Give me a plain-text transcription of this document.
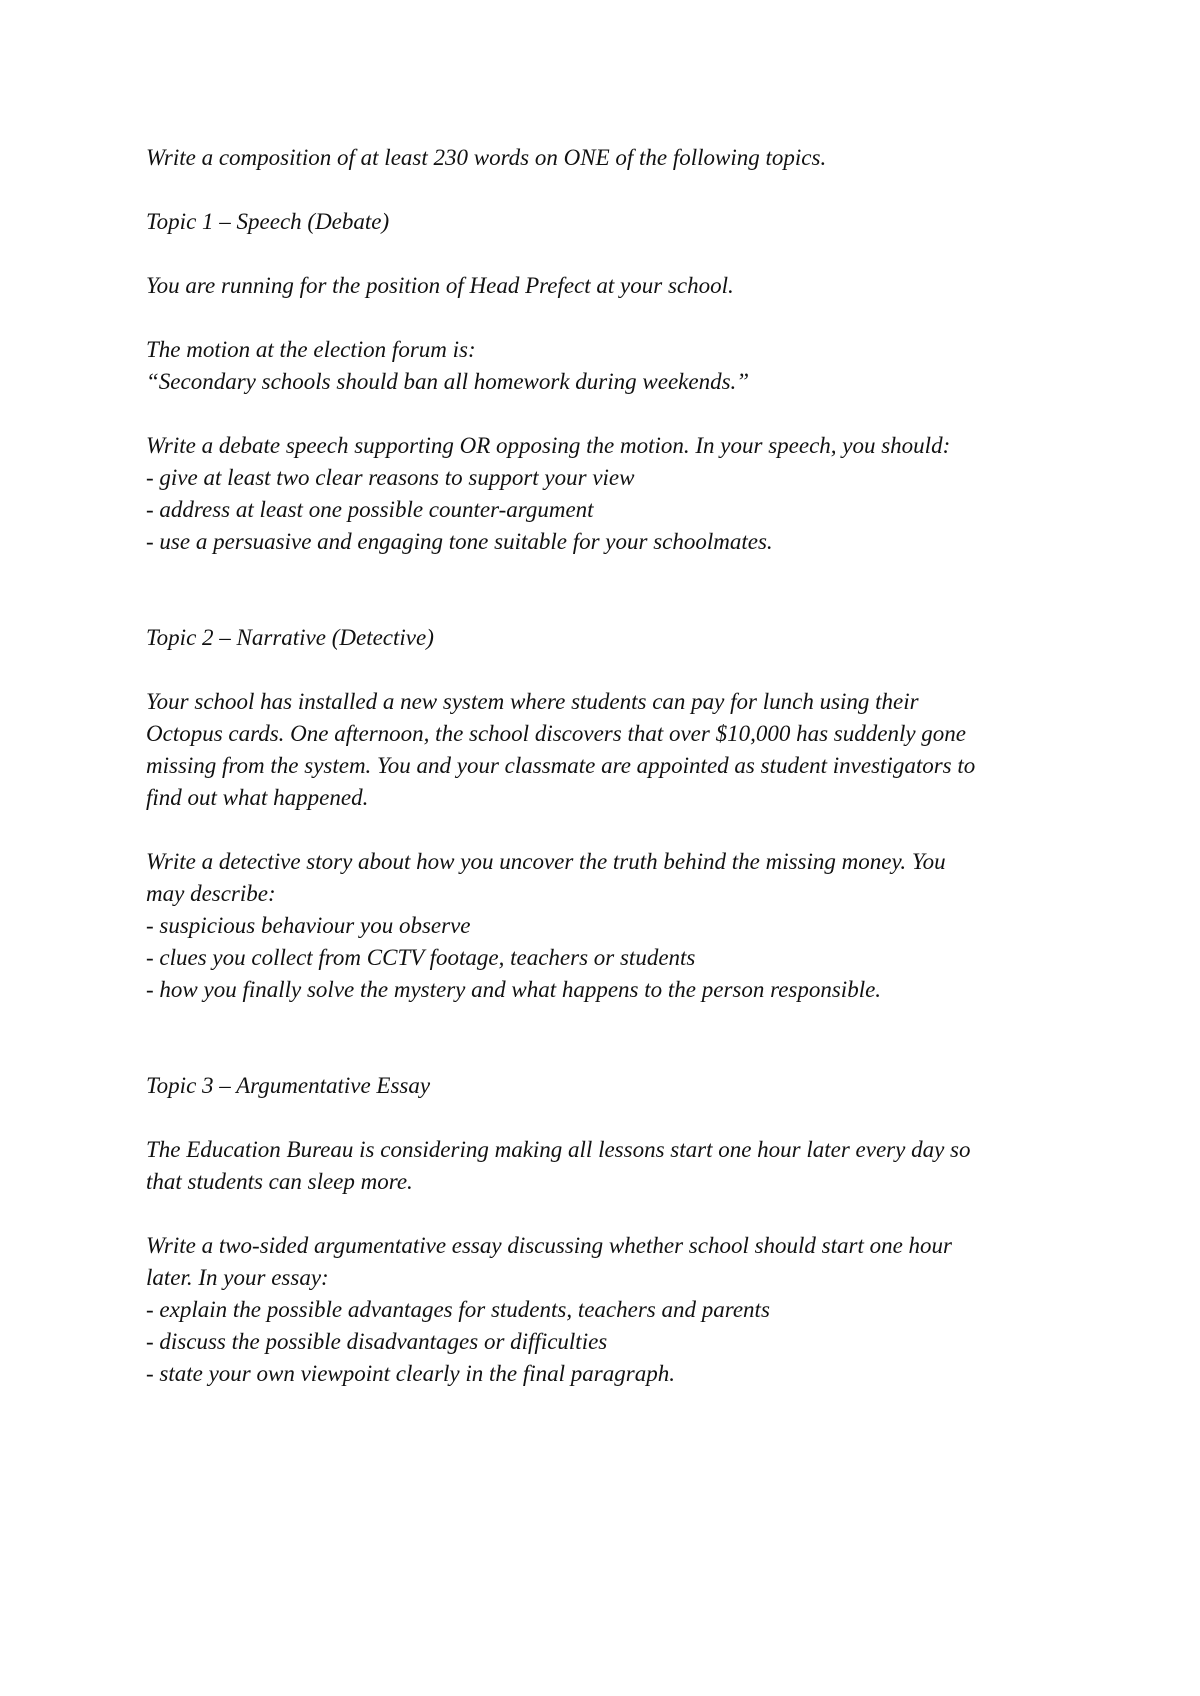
Write a composition of at least 230 words on ONE of the following topics.
Topic 1 – Speech (Debate)
You are running for the position of Head Prefect at your school.
The motion at the election forum is:
“Secondary schools should ban all homework during weekends.”
Write a debate speech supporting OR opposing the motion. In your speech, you should:
- give at least two clear reasons to support your view
- address at least one possible counter-argument
- use a persuasive and engaging tone suitable for your schoolmates.
Topic 2 – Narrative (Detective)
Your school has installed a new system where students can pay for lunch using their
Octopus cards. One afternoon, the school discovers that over $10,000 has suddenly gone
missing from the system. You and your classmate are appointed as student investigators to
find out what happened.
Write a detective story about how you uncover the truth behind the missing money. You
may describe:
- suspicious behaviour you observe
- clues you collect from CCTV footage, teachers or students
- how you finally solve the mystery and what happens to the person responsible.
Topic 3 – Argumentative Essay
The Education Bureau is considering making all lessons start one hour later every day so
that students can sleep more.
Write a two-sided argumentative essay discussing whether school should start one hour
later. In your essay:
- explain the possible advantages for students, teachers and parents
- discuss the possible disadvantages or difficulties
- state your own viewpoint clearly in the final paragraph.
